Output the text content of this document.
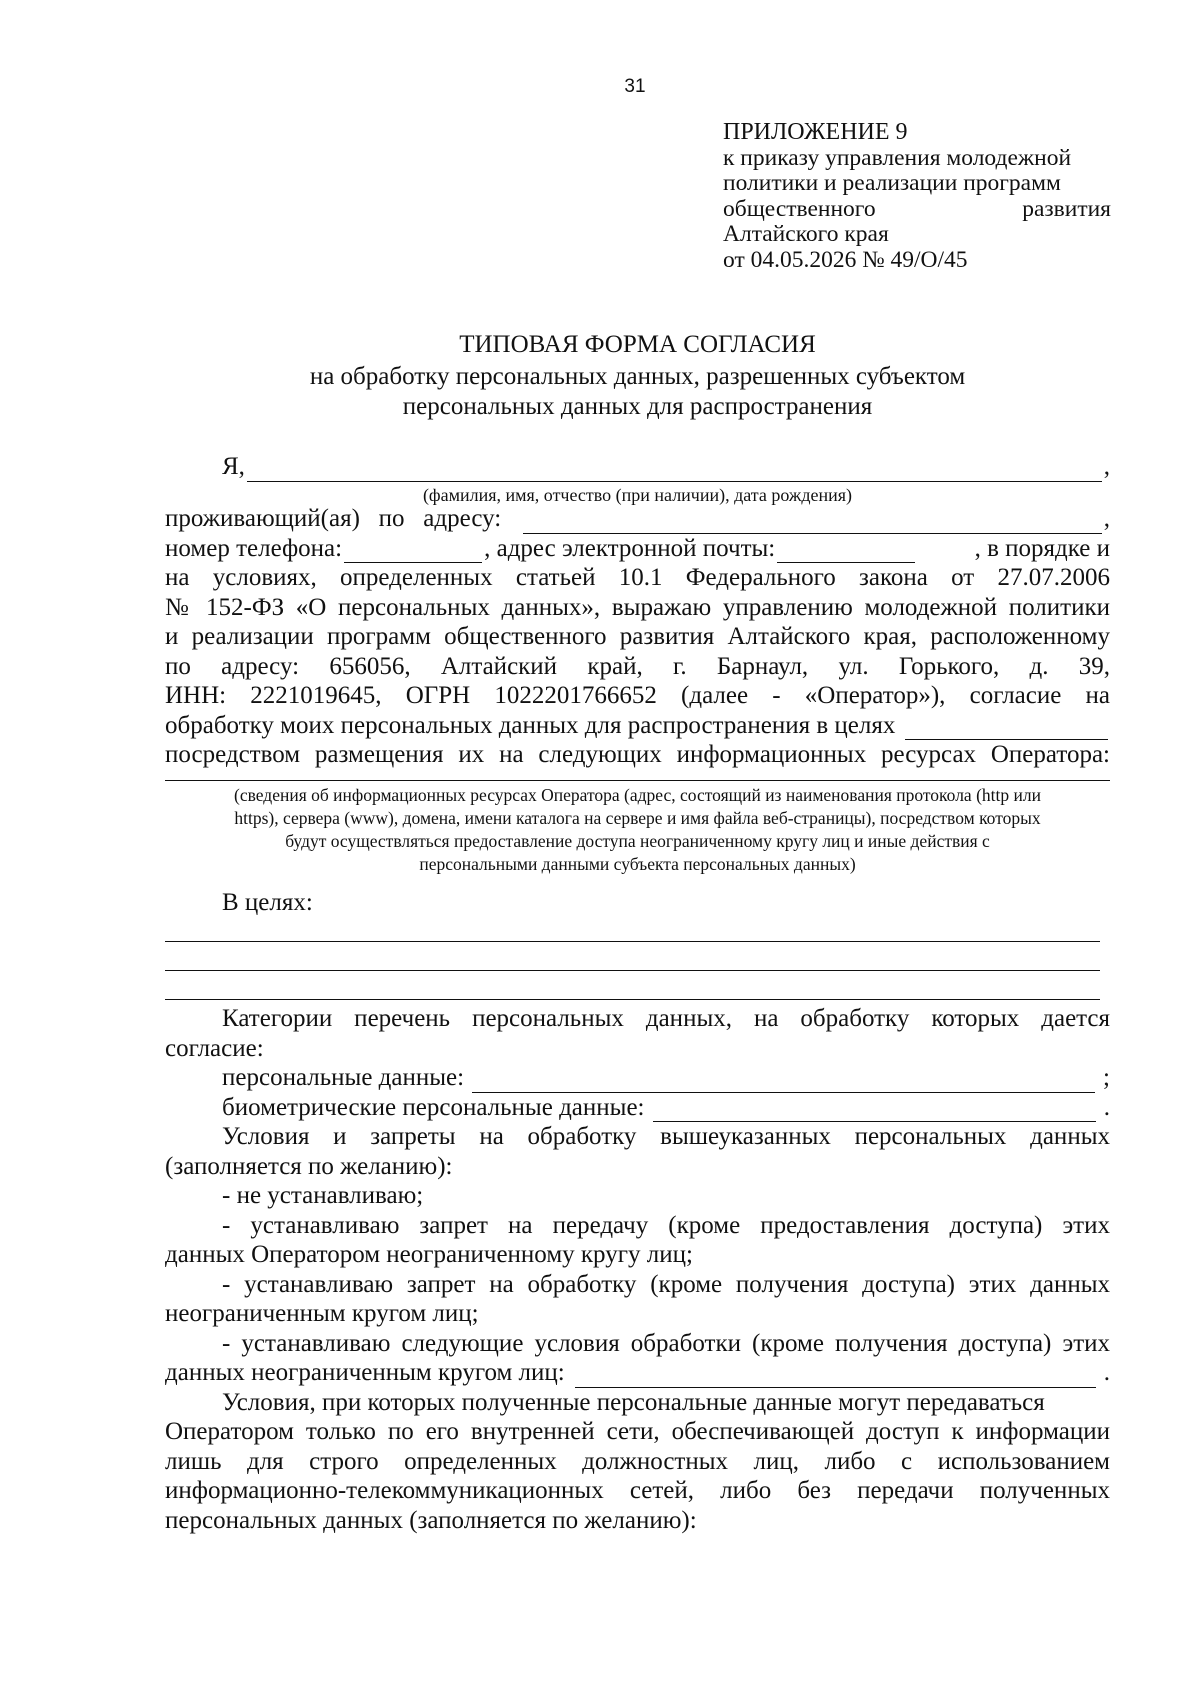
31
ПРИЛОЖЕНИЕ 9
к приказу управления молодежной
политики и реализации программ
общественного	развития
Алтайского края
от 04.05.2026 № 49/О/45
ТИПОВАЯ ФОРМА СОГЛАСИЯ
на обработку персональных данных, разрешенных субъектом
персональных данных для распространения
Я,	,
(фамилия, имя, отчество (при наличии), дата рождения)
проживающий(ая)   по   адресу:	,
номер телефона:	, адрес электронной почты:	, в порядке и
на условиях, определенных статьей 10.1 Федерального закона от 27.07.2006
№ 152-ФЗ «О персональных данных», выражаю управлению молодежной политики
и реализации программ общественного развития Алтайского края, расположенному
по адресу: 656056, Алтайский край, г. Барнаул, ул. Горького, д. 39,
ИНН: 2221019645, ОГРН 1022201766652 (далее - «Оператор»), согласие на
обработку моих персональных данных для распространения в целях
посредством размещения их на следующих информационных ресурсах Оператора:
(сведения об информационных ресурсах Оператора (адрес, состоящий из наименования протокола (http или
https), сервера (www), домена, имени каталога на сервере и имя файла веб-страницы), посредством которых
будут осуществляться предоставление доступа неограниченному кругу лиц и иные действия с
персональными данными субъекта персональных данных)
В целях:
Категории перечень персональных данных, на обработку которых дается
согласие:
персональные данные:	;
биометрические персональные данные:	.
Условия и запреты на обработку вышеуказанных персональных данных
(заполняется по желанию):
- не устанавливаю;
- устанавливаю запрет на передачу (кроме предоставления доступа) этих
данных Оператором неограниченному кругу лиц;
- устанавливаю запрет на обработку (кроме получения доступа) этих данных
неограниченным кругом лиц;
- устанавливаю следующие условия обработки (кроме получения доступа) этих
данных неограниченным кругом лиц:	.
Условия, при которых полученные персональные данные могут передаваться
Оператором только по его внутренней сети, обеспечивающей доступ к информации
лишь для строго определенных должностных лиц, либо с использованием
информационно-телекоммуникационных сетей, либо без передачи полученных
персональных данных (заполняется по желанию):
